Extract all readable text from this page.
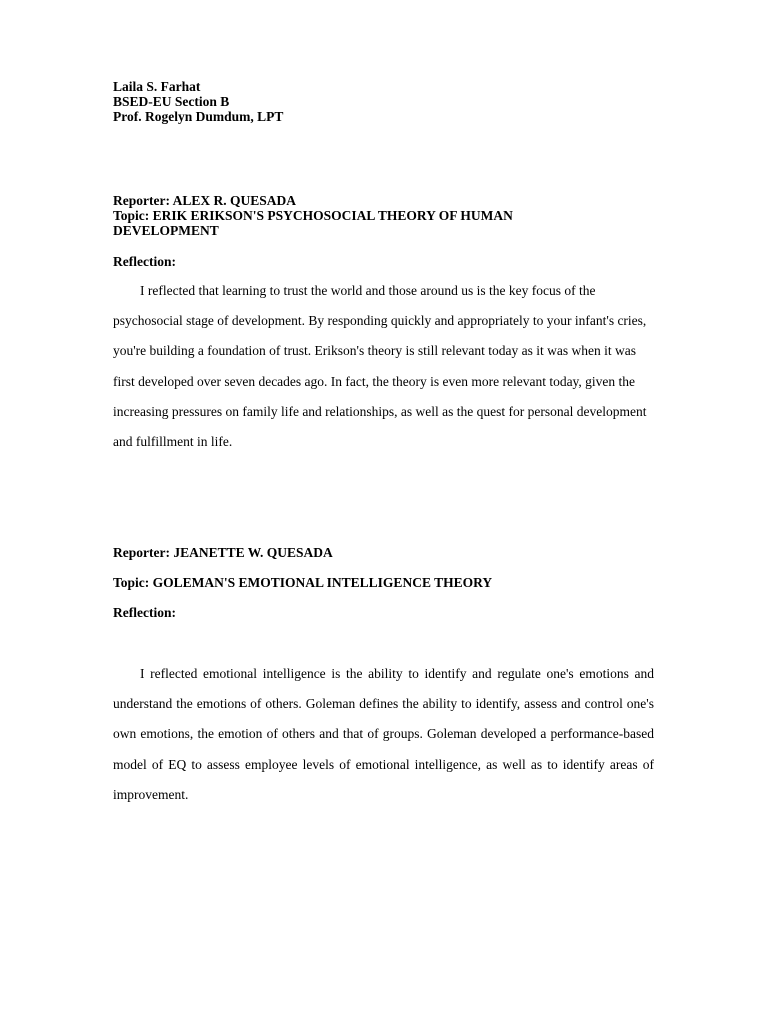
Laila S. Farhat
BSED-EU Section B
Prof. Rogelyn Dumdum, LPT
Reporter: ALEX R. QUESADA
Topic: ERIK ERIKSON'S PSYCHOSOCIAL THEORY OF HUMAN DEVELOPMENT
Reflection:

I reflected that learning to trust the world and those around us is the key focus of the psychosocial stage of development. By responding quickly and appropriately to your infant's cries, you're building a foundation of trust. Erikson's theory is still relevant today as it was when it was first developed over seven decades ago. In fact, the theory is even more relevant today, given the increasing pressures on family life and relationships, as well as the quest for personal development and fulfillment in life.

Reporter: JEANETTE W. QUESADA
Topic: GOLEMAN'S EMOTIONAL INTELLIGENCE THEORY
Reflection:

I reflected emotional intelligence is the ability to identify and regulate one's emotions and understand the emotions of others. Goleman defines the ability to identify, assess and control one's own emotions, the emotion of others and that of groups. Goleman developed a performance-based model of EQ to assess employee levels of emotional intelligence, as well as to identify areas of improvement.
